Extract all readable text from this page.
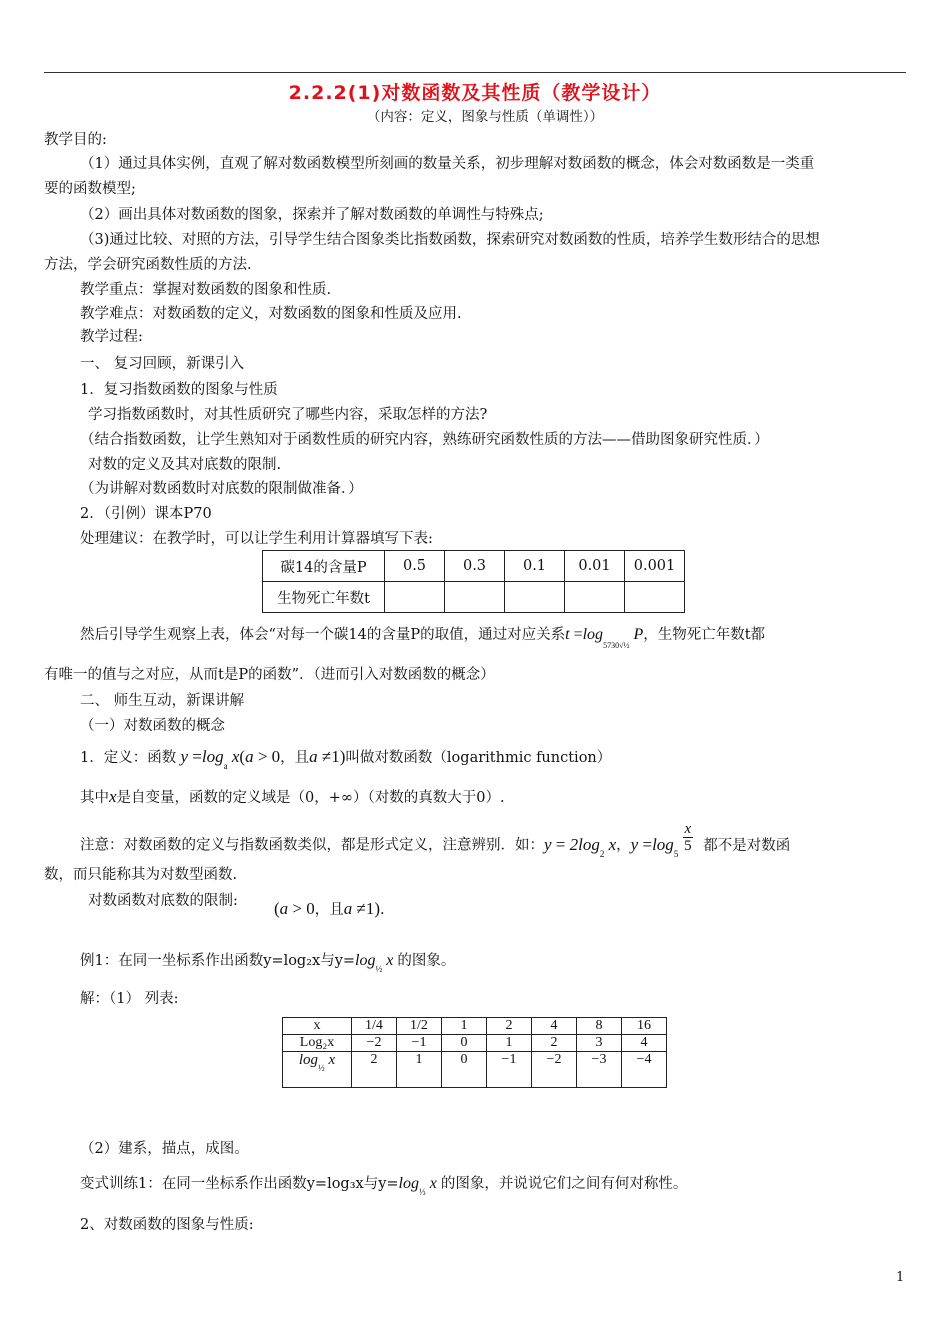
2.2.2(1)对数函数及其性质（教学设计）
（内容：定义，图象与性质（单调性））
教学目的:
（1）通过具体实例，直观了解对数函数模型所刻画的数量关系，初步理解对数函数的概念，体会对数函数是一类重
要的函数模型;
（2）画出具体对数函数的图象，探索并了解对数函数的单调性与特殊点;
（3)通过比较、对照的方法，引导学生结合图象类比指数函数，探索研究对数函数的性质，培养学生数形结合的思想
方法，学会研究函数性质的方法.
教学重点：掌握对数函数的图象和性质.
教学难点：对数函数的定义，对数函数的图象和性质及应用.
教学过程:
一、 复习回顾，新课引入
1．复习指数函数的图象与性质
学习指数函数时，对其性质研究了哪些内容，采取怎样的方法?
（结合指数函数，让学生熟知对于函数性质的研究内容，熟练研究函数性质的方法——借助图象研究性质．）
对数的定义及其对底数的限制.
（为讲解对数函数时对底数的限制做准备．）
2．（引例）课本P70
处理建议：在教学时，可以让学生利用计算器填写下表:
碳14的含量P	0.5	0.3	0.1	0.01	0.001
生物死亡年数t					
然后引导学生观察上表，体会“对每一个碳14的含量P的取值，通过对应关系$t =\log_{5730√\frac{1}{2}}$ P，生物死亡年数t都
有唯一的值与之对应，从而t是P的函数”．（进而引入对数函数的概念）
二、 师生互动，新课讲解
（一）对数函数的概念
1．定义：函数 $y =\log_a$ x(a > 0，且a ≠1)叫做对数函数（logarithmic function）
其中x是自变量，函数的定义域是（0，+∞）（对数的真数大于0）.
注意：对数函数的定义与指数函数类似，都是形式定义，注意辨别．如：$y = 2\log_2$ x，$y =\log_5 \frac{x}{5}$ 都不是对数函
数，而只能称其为对数型函数.
对数函数对底数的限制: (a > 0，且a ≠1).
例1：在同一坐标系作出函数y=log₂x与$y=\log_{\frac{1}{2}}$ x 的图象。
解：（1） 列表:
x	1/4	1/2	1	2	4	8	16
Log₂x	−2	−1	0	1	2	3	4
$\log_{\frac{1}{2}} x$	2	1	0	−1	−2	−3	−4
（2）建系，描点，成图。
变式训练1：在同一坐标系作出函数y=log₃x与$y=\log_{\frac{1}{3}}$ x 的图象，并说说它们之间有何对称性。
2、对数函数的图象与性质:
1
